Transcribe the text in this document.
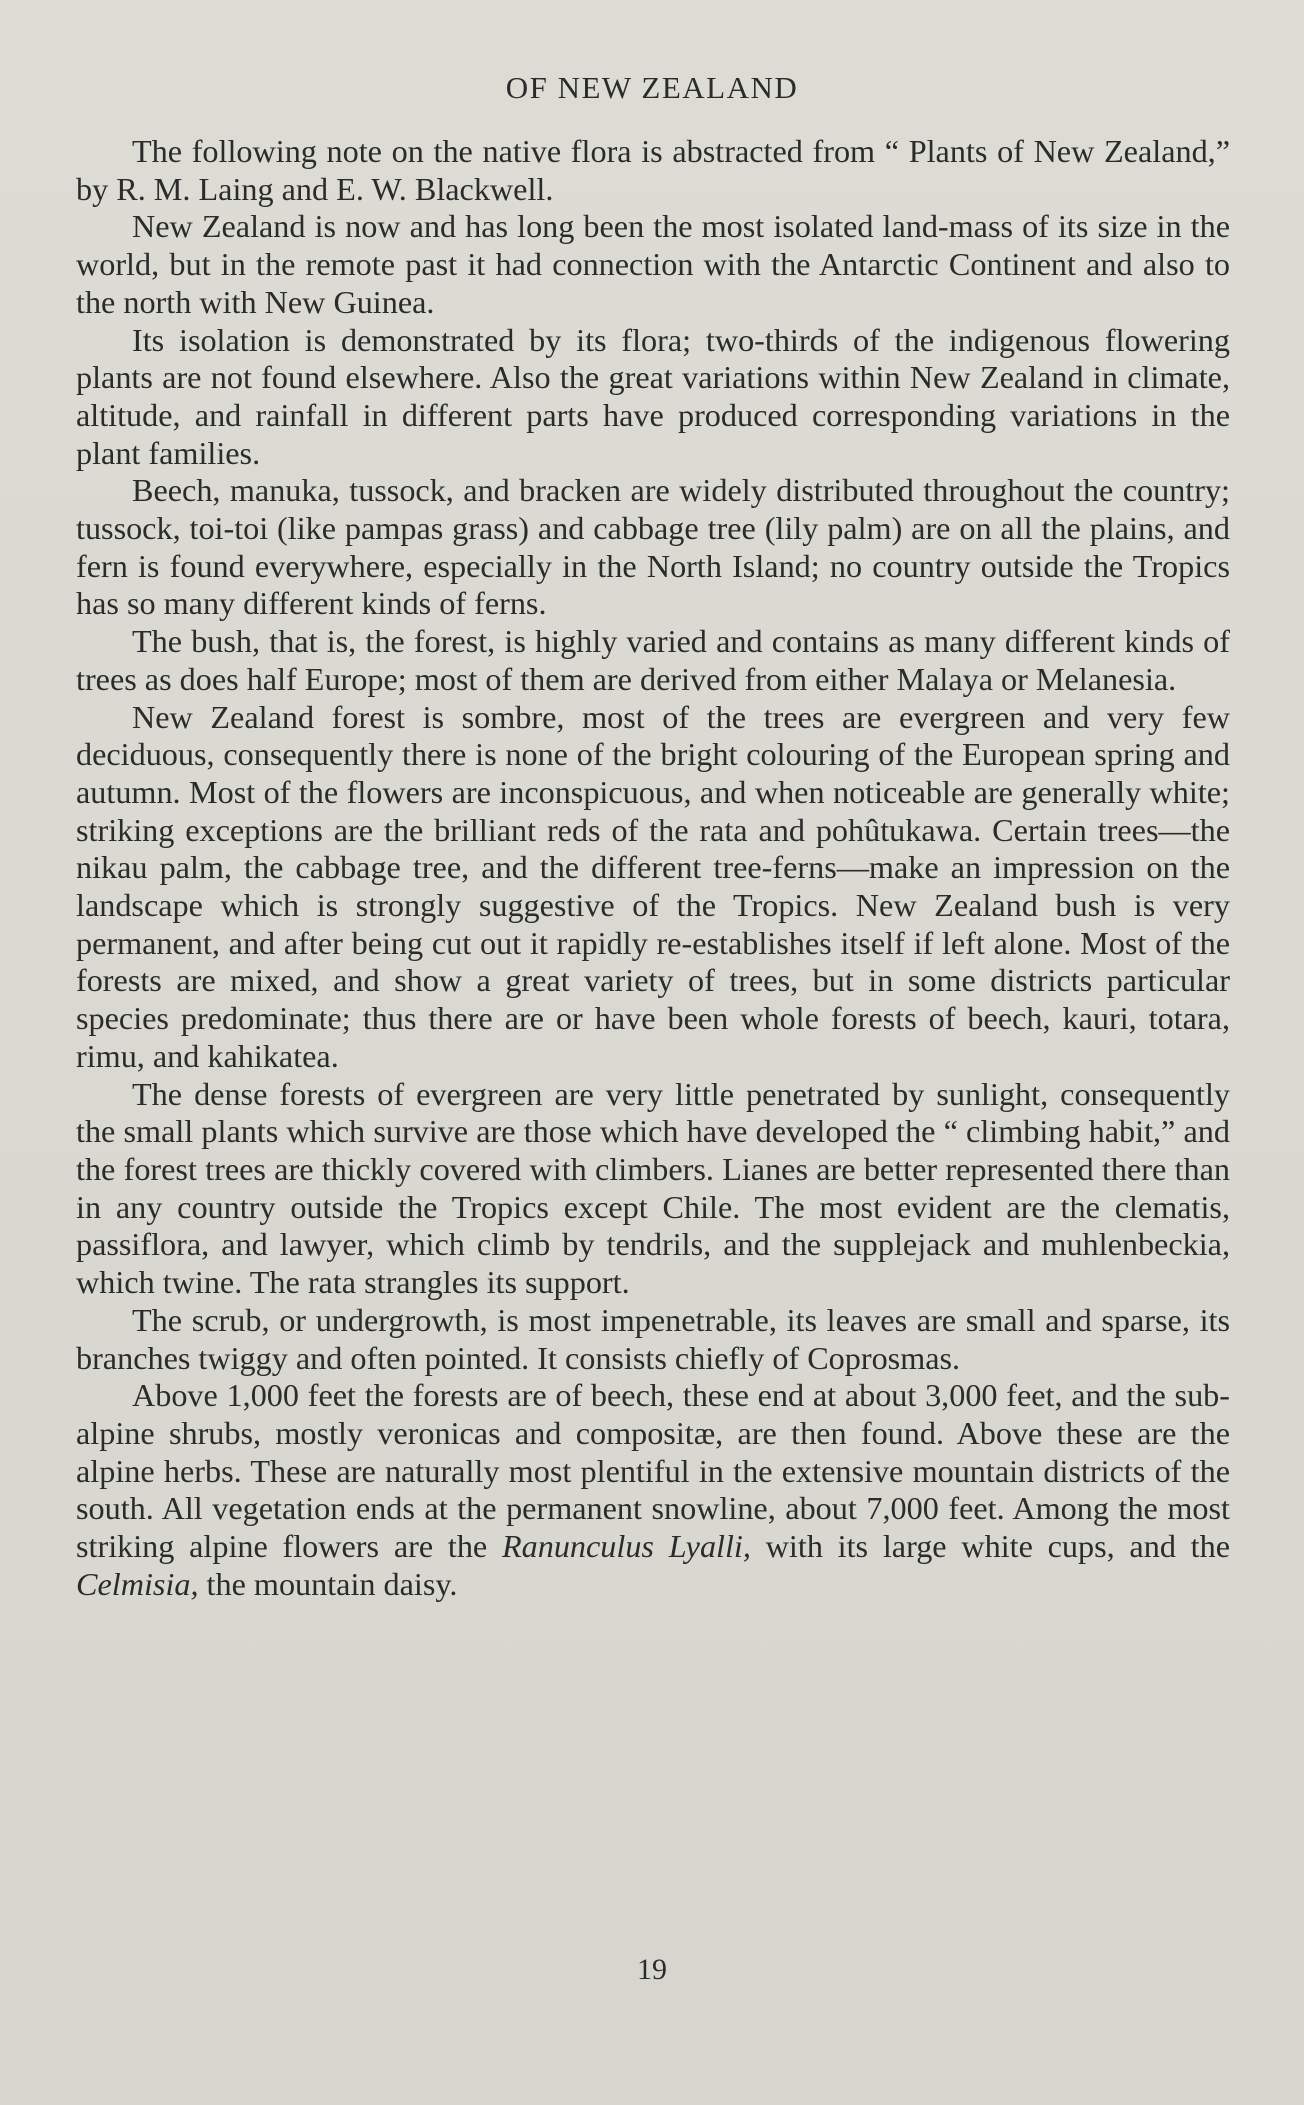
OF NEW ZEALAND

The following note on the native flora is abstracted from “ Plants of New Zealand,” by R. M. Laing and E. W. Blackwell.

New Zealand is now and has long been the most isolated land-mass of its size in the world, but in the remote past it had connection with the Antarctic Continent and also to the north with New Guinea.

Its isolation is demonstrated by its flora; two-thirds of the indigenous flowering plants are not found elsewhere. Also the great variations within New Zealand in climate, altitude, and rainfall in different parts have produced corresponding variations in the plant families.

Beech, manuka, tussock, and bracken are widely distributed throughout the country; tussock, toi-toi (like pampas grass) and cabbage tree (lily palm) are on all the plains, and fern is found everywhere, especially in the North Island; no country outside the Tropics has so many different kinds of ferns.

The bush, that is, the forest, is highly varied and contains as many different kinds of trees as does half Europe; most of them are derived from either Malaya or Melanesia.

New Zealand forest is sombre, most of the trees are evergreen and very few deciduous, consequently there is none of the bright colouring of the European spring and autumn. Most of the flowers are inconspicuous, and when noticeable are generally white; striking exceptions are the brilliant reds of the rata and pohûtukawa. Certain trees—the nikau palm, the cabbage tree, and the different tree-ferns—make an impression on the landscape which is strongly suggestive of the Tropics. New Zealand bush is very permanent, and after being cut out it rapidly re-establishes itself if left alone. Most of the forests are mixed, and show a great variety of trees, but in some districts particular species predominate; thus there are or have been whole forests of beech, kauri, totara, rimu, and kahikatea.

The dense forests of evergreen are very little penetrated by sunlight, consequently the small plants which survive are those which have developed the “ climbing habit,” and the forest trees are thickly covered with climbers. Lianes are better represented there than in any country outside the Tropics except Chile. The most evident are the clematis, passiflora, and lawyer, which climb by tendrils, and the supplejack and muhlenbeckia, which twine. The rata strangles its support.

The scrub, or undergrowth, is most impenetrable, its leaves are small and sparse, its branches twiggy and often pointed. It consists chiefly of Coprosmas.

Above 1,000 feet the forests are of beech, these end at about 3,000 feet, and the sub-alpine shrubs, mostly veronicas and compositæ, are then found. Above these are the alpine herbs. These are naturally most plentiful in the extensive mountain districts of the south. All vegetation ends at the permanent snowline, about 7,000 feet. Among the most striking alpine flowers are the Ranunculus Lyalli, with its large white cups, and the Celmisia, the mountain daisy.

19
